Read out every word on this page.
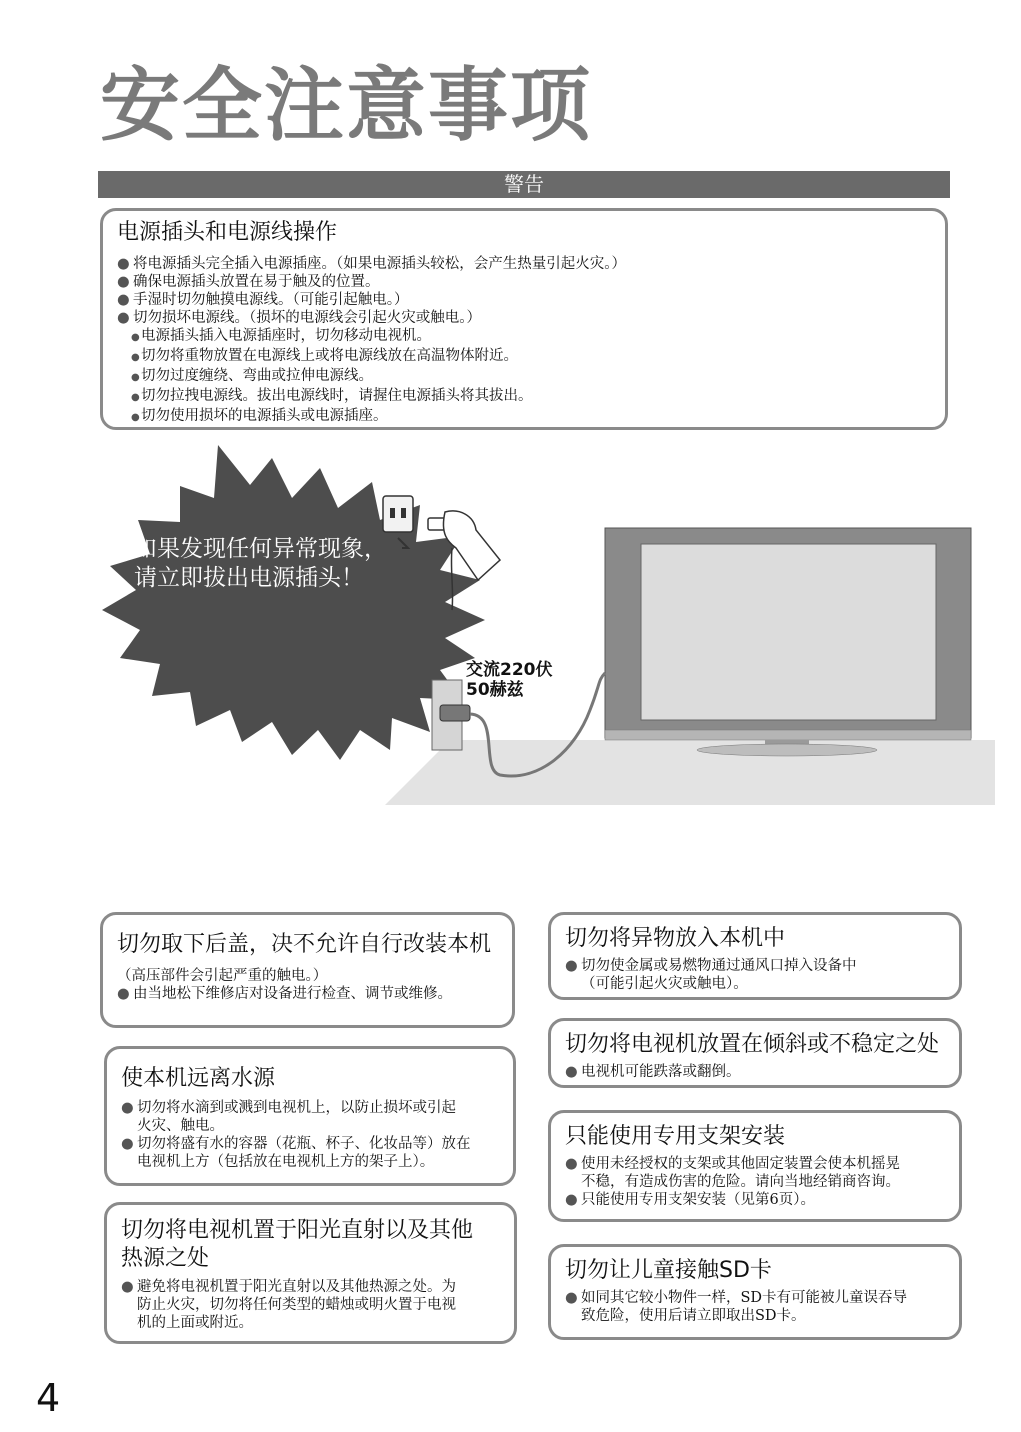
安全注意事项
警告
电源插头和电源线操作
● 将电源插头完全插入电源插座。（如果电源插头较松，会产生热量引起火灾。）
● 确保电源插头放置在易于触及的位置。
● 手湿时切勿触摸电源线。（可能引起触电。）
● 切勿损坏电源线。（损坏的电源线会引起火灾或触电。）
●电源插头插入电源插座时，切勿移动电视机。
●切勿将重物放置在电源线上或将电源线放在高温物体附近。
●切勿过度缠绕、弯曲或拉伸电源线。
●切勿拉拽电源线。拔出电源线时，请握住电源插头将其拔出。
●切勿使用损坏的电源插头或电源插座。
如果发现任何异常现象，
请立即拔出电源插头！
交流220伏
50赫兹
切勿取下后盖，决不允许自行改装本机
（高压部件会引起严重的触电。）
● 由当地松下维修店对设备进行检查、调节或维修。
使本机远离水源
● 切勿将水滴到或溅到电视机上，以防止损坏或引起
火灾、触电。
● 切勿将盛有水的容器（花瓶、杯子、化妆品等）放在
电视机上方（包括放在电视机上方的架子上）。
切勿将电视机置于阳光直射以及其他
热源之处
● 避免将电视机置于阳光直射以及其他热源之处。为
防止火灾，切勿将任何类型的蜡烛或明火置于电视
机的上面或附近。
切勿将异物放入本机中
● 切勿使金属或易燃物通过通风口掉入设备中
（可能引起火灾或触电）。
切勿将电视机放置在倾斜或不稳定之处
● 电视机可能跌落或翻倒。
只能使用专用支架安装
● 使用未经授权的支架或其他固定装置会使本机摇晃
不稳，有造成伤害的危险。请向当地经销商咨询。
● 只能使用专用支架安装（见第6页）。
切勿让儿童接触SD卡
● 如同其它较小物件一样，SD卡有可能被儿童误吞导
致危险，使用后请立即取出SD卡。
4
